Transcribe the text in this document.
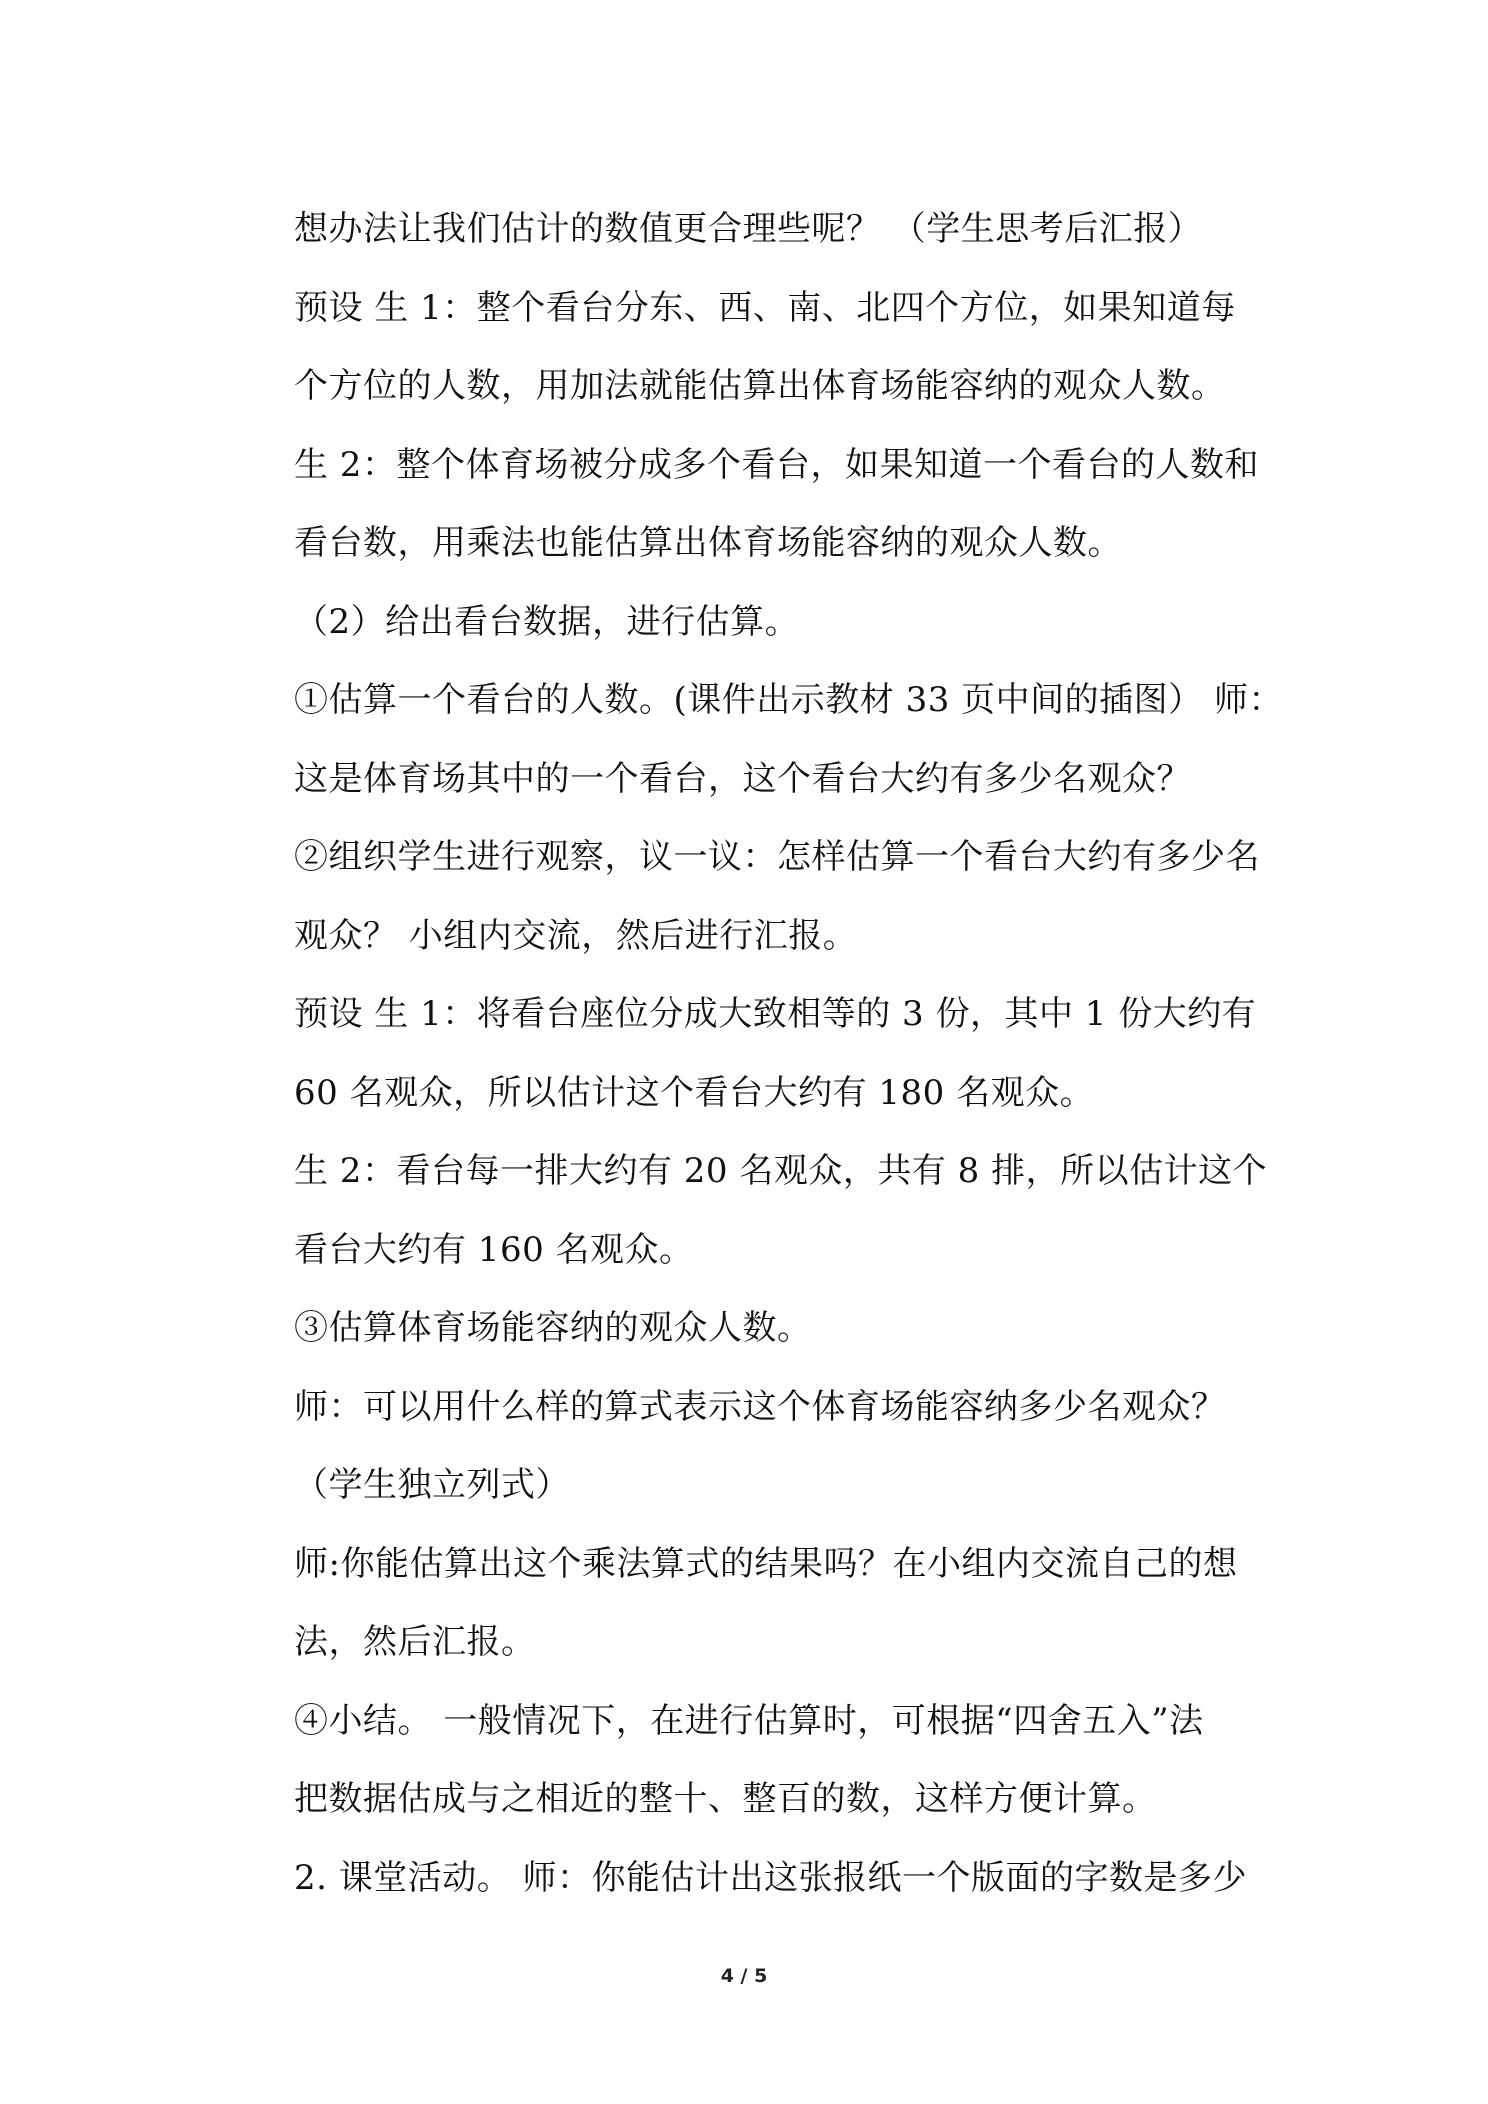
想办法让我们估计的数值更合理些呢？ （学生思考后汇报）
预设 生 1：整个看台分东、西、南、北四个方位，如果知道每
个方位的人数，用加法就能估算出体育场能容纳的观众人数。
生 2：整个体育场被分成多个看台，如果知道一个看台的人数和
看台数，用乘法也能估算出体育场能容纳的观众人数。
（2）给出看台数据，进行估算。
①估算一个看台的人数。(课件出示教材 33 页中间的插图） 师：
这是体育场其中的一个看台，这个看台大约有多少名观众？
②组织学生进行观察，议一议：怎样估算一个看台大约有多少名
观众？ 小组内交流，然后进行汇报。
预设 生 1：将看台座位分成大致相等的 3 份，其中 1 份大约有
60 名观众，所以估计这个看台大约有 180 名观众。
生 2：看台每一排大约有 20 名观众，共有 8 排，所以估计这个
看台大约有 160 名观众。
③估算体育场能容纳的观众人数。
师：可以用什么样的算式表示这个体育场能容纳多少名观众？
（学生独立列式）
师:你能估算出这个乘法算式的结果吗？在小组内交流自己的想
法，然后汇报。
④小结。 一般情况下，在进行估算时，可根据“四舍五入”法
把数据估成与之相近的整十、整百的数，这样方便计算。
2. 课堂活动。 师：你能估计出这张报纸一个版面的字数是多少
4 / 5
